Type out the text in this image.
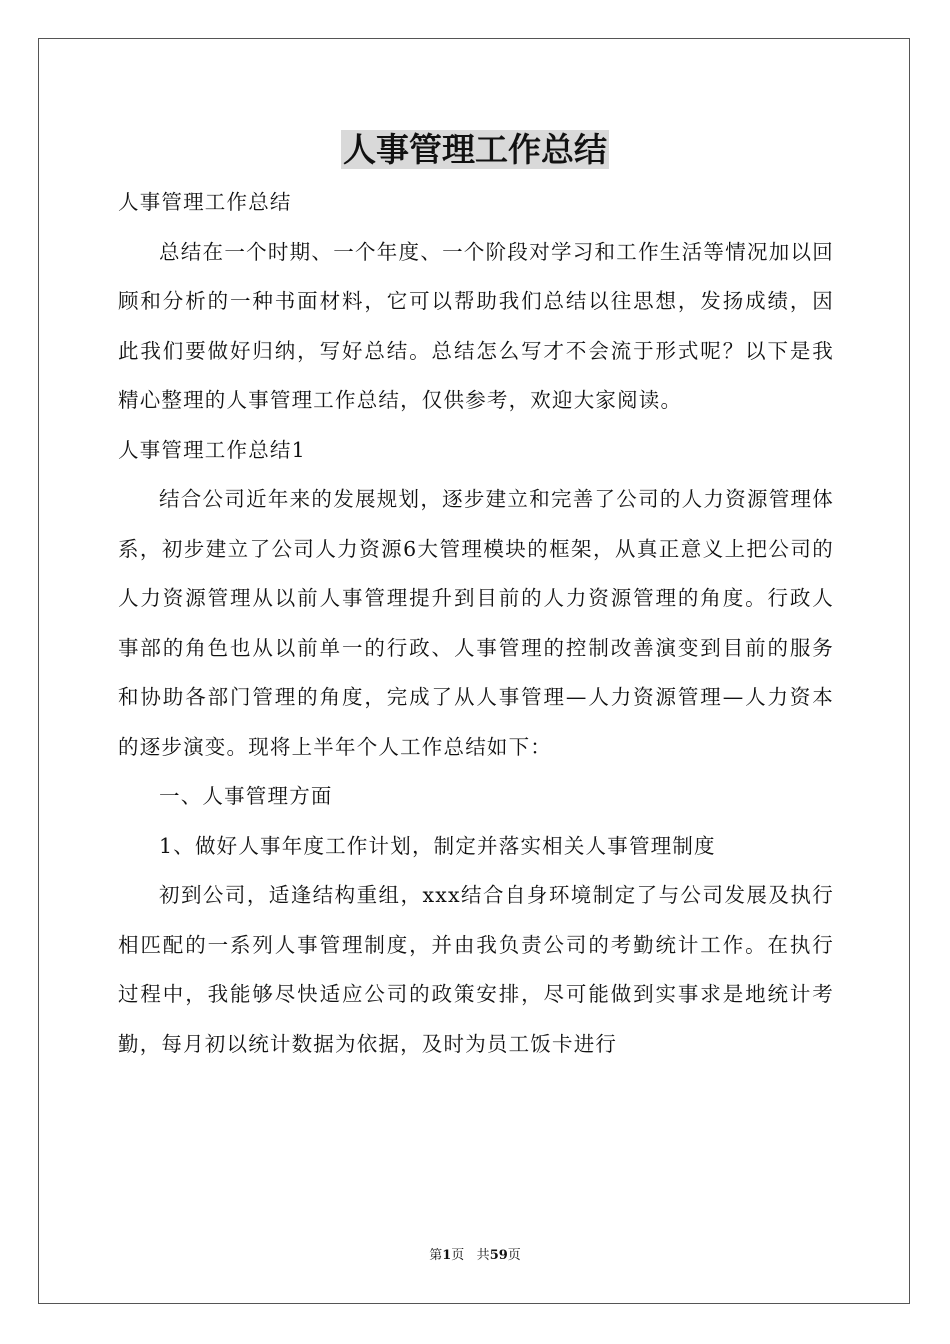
人事管理工作总结

人事管理工作总结

总结在一个时期、一个年度、一个阶段对学习和工作生活等情况加以回顾和分析的一种书面材料，它可以帮助我们总结以往思想，发扬成绩，因此我们要做好归纳，写好总结。总结怎么写才不会流于形式呢？以下是我精心整理的人事管理工作总结，仅供参考，欢迎大家阅读。

人事管理工作总结1

结合公司近年来的发展规划，逐步建立和完善了公司的人力资源管理体系，初步建立了公司人力资源6大管理模块的框架，从真正意义上把公司的人力资源管理从以前人事管理提升到目前的人力资源管理的角度。行政人事部的角色也从以前单一的行政、人事管理的控制改善演变到目前的服务和协助各部门管理的角度，完成了从人事管理—人力资源管理—人力资本的逐步演变。现将上半年个人工作总结如下：

一、人事管理方面

1、做好人事年度工作计划，制定并落实相关人事管理制度

初到公司，适逢结构重组，xxx结合自身环境制定了与公司发展及执行相匹配的一系列人事管理制度，并由我负责公司的考勤统计工作。在执行过程中，我能够尽快适应公司的政策安排，尽可能做到实事求是地统计考勤，每月初以统计数据为依据，及时为员工饭卡进行

第1页 共59页
